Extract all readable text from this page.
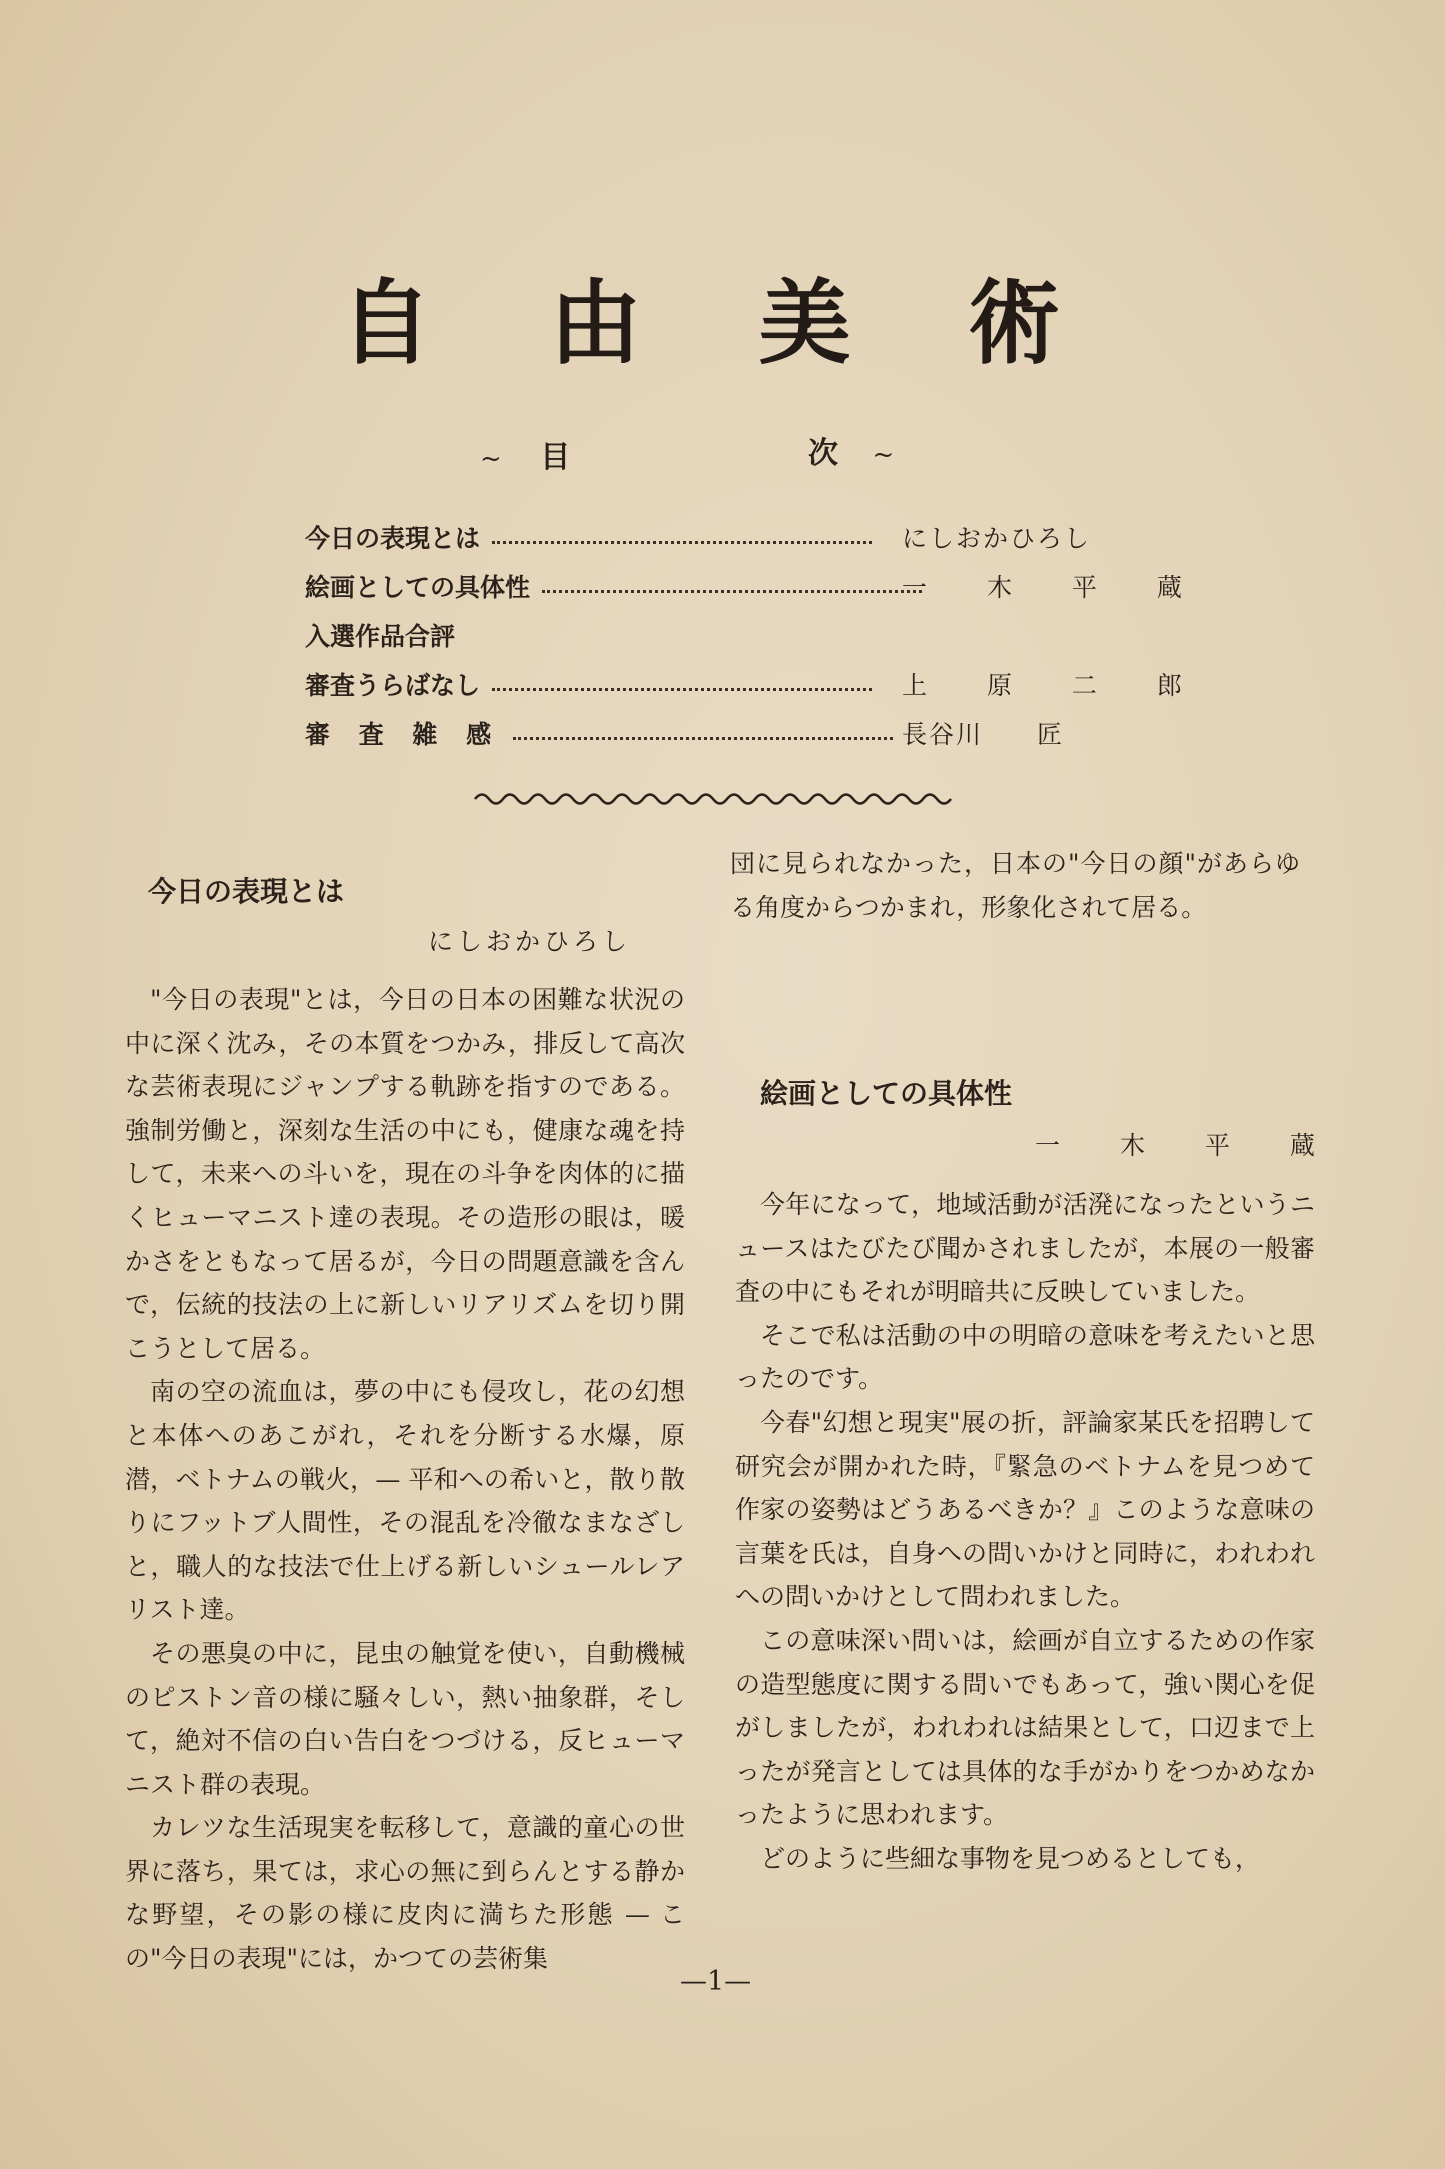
自 由 美 術
~ 目	次 ~
今日の表現とは	にしおかひろし
絵画としての具体性	一 木 平 蔵
入選作品合評
審査うらばなし	上 原 二 郎
審 査 雑 感	長谷川　　匠
今日の表現とは
にしおかひろし

"今日の表現"とは，今日の日本の困難な状況の中に深く沈み，その本質をつかみ，排反して高次な芸術表現にジャンプする軌跡を指すのである。強制労働と，深刻な生活の中にも，健康な魂を持して，未来への斗いを，現在の斗争を肉体的に描くヒューマニスト達の表現。その造形の眼は，暖かさをともなって居るが，今日の問題意識を含んで，伝統的技法の上に新しいリアリズムを切り開こうとして居る。

南の空の流血は，夢の中にも侵攻し，花の幻想と本体へのあこがれ，それを分断する水爆，原潜，ベトナムの戦火，— 平和への希いと，散り散りにフットブ人間性，その混乱を冷徹なまなざしと，職人的な技法で仕上げる新しいシュールレアリスト達。

その悪臭の中に，昆虫の触覚を使い，自動機械のピストン音の様に騒々しい，熱い抽象群，そして，絶対不信の白い告白をつづける，反ヒューマニスト群の表現。

カレツな生活現実を転移して，意識的童心の世界に落ち，果ては，求心の無に到らんとする静かな野望，その影の様に皮肉に満ちた形態 — この"今日の表現"には，かつての芸術集

団に見られなかった，日本の"今日の顔"があらゆる角度からつかまれ，形象化されて居る。
絵画としての具体性
一 木 平 蔵

今年になって，地域活動が活溌になったというニュースはたびたび聞かされましたが，本展の一般審査の中にもそれが明暗共に反映していました。

そこで私は活動の中の明暗の意味を考えたいと思ったのです。

今春"幻想と現実"展の折，評論家某氏を招聘して研究会が開かれた時，『緊急のベトナムを見つめて作家の姿勢はどうあるべきか？』このような意味の言葉を氏は，自身への問いかけと同時に，われわれへの問いかけとして問われました。

この意味深い問いは，絵画が自立するための作家の造型態度に関する問いでもあって，強い関心を促がしましたが，われわれは結果として，口辺まで上ったが発言としては具体的な手がかりをつかめなかったように思われます。

どのように些細な事物を見つめるとしても，

—1—
